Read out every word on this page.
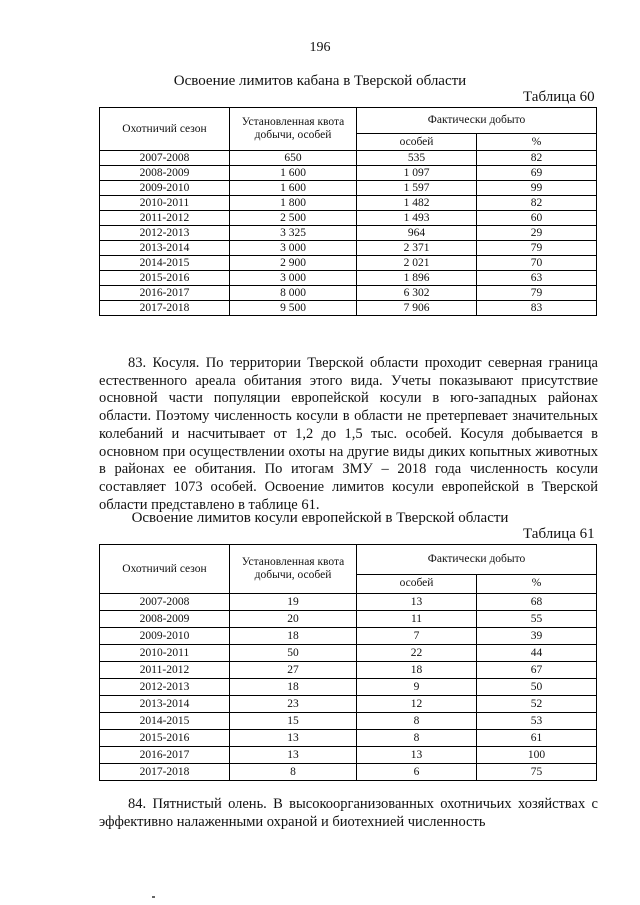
196
Освоение лимитов кабана в Тверской области
Таблица 60
Охотничий сезон	Установленная квота добычи, особей	Фактически добыто	
		особей	%
2007-2008	650	535	82
2008-2009	1 600	1 097	69
2009-2010	1 600	1 597	99
2010-2011	1 800	1 482	82
2011-2012	2 500	1 493	60
2012-2013	3 325	964	29
2013-2014	3 000	2 371	79
2014-2015	2 900	2 021	70
2015-2016	3 000	1 896	63
2016-2017	8 000	6 302	79
2017-2018	9 500	7 906	83
83. Косуля. По территории Тверской области проходит северная граница естественного ареала обитания этого вида. Учеты показывают присутствие основной части популяции европейской косули в юго-западных районах области. Поэтому численность косули в области не претерпевает значительных колебаний и насчитывает от 1,2 до 1,5 тыс. особей. Косуля добывается в основном при осуществлении охоты на другие виды диких копытных животных в районах ее обитания. По итогам ЗМУ – 2018 года численность косули составляет 1073 особей. Освоение лимитов косули европейской в Тверской области представлено в таблице 61.
Освоение лимитов косули европейской в Тверской области
Таблица 61
Охотничий сезон	Установленная квота добычи, особей	Фактически добыто	
		особей	%
2007-2008	19	13	68
2008-2009	20	11	55
2009-2010	18	7	39
2010-2011	50	22	44
2011-2012	27	18	67
2012-2013	18	9	50
2013-2014	23	12	52
2014-2015	15	8	53
2015-2016	13	8	61
2016-2017	13	13	100
2017-2018	8	6	75
84. Пятнистый олень. В высокоорганизованных охотничьих хозяйствах с эффективно налаженными охраной и биотехнией численность
